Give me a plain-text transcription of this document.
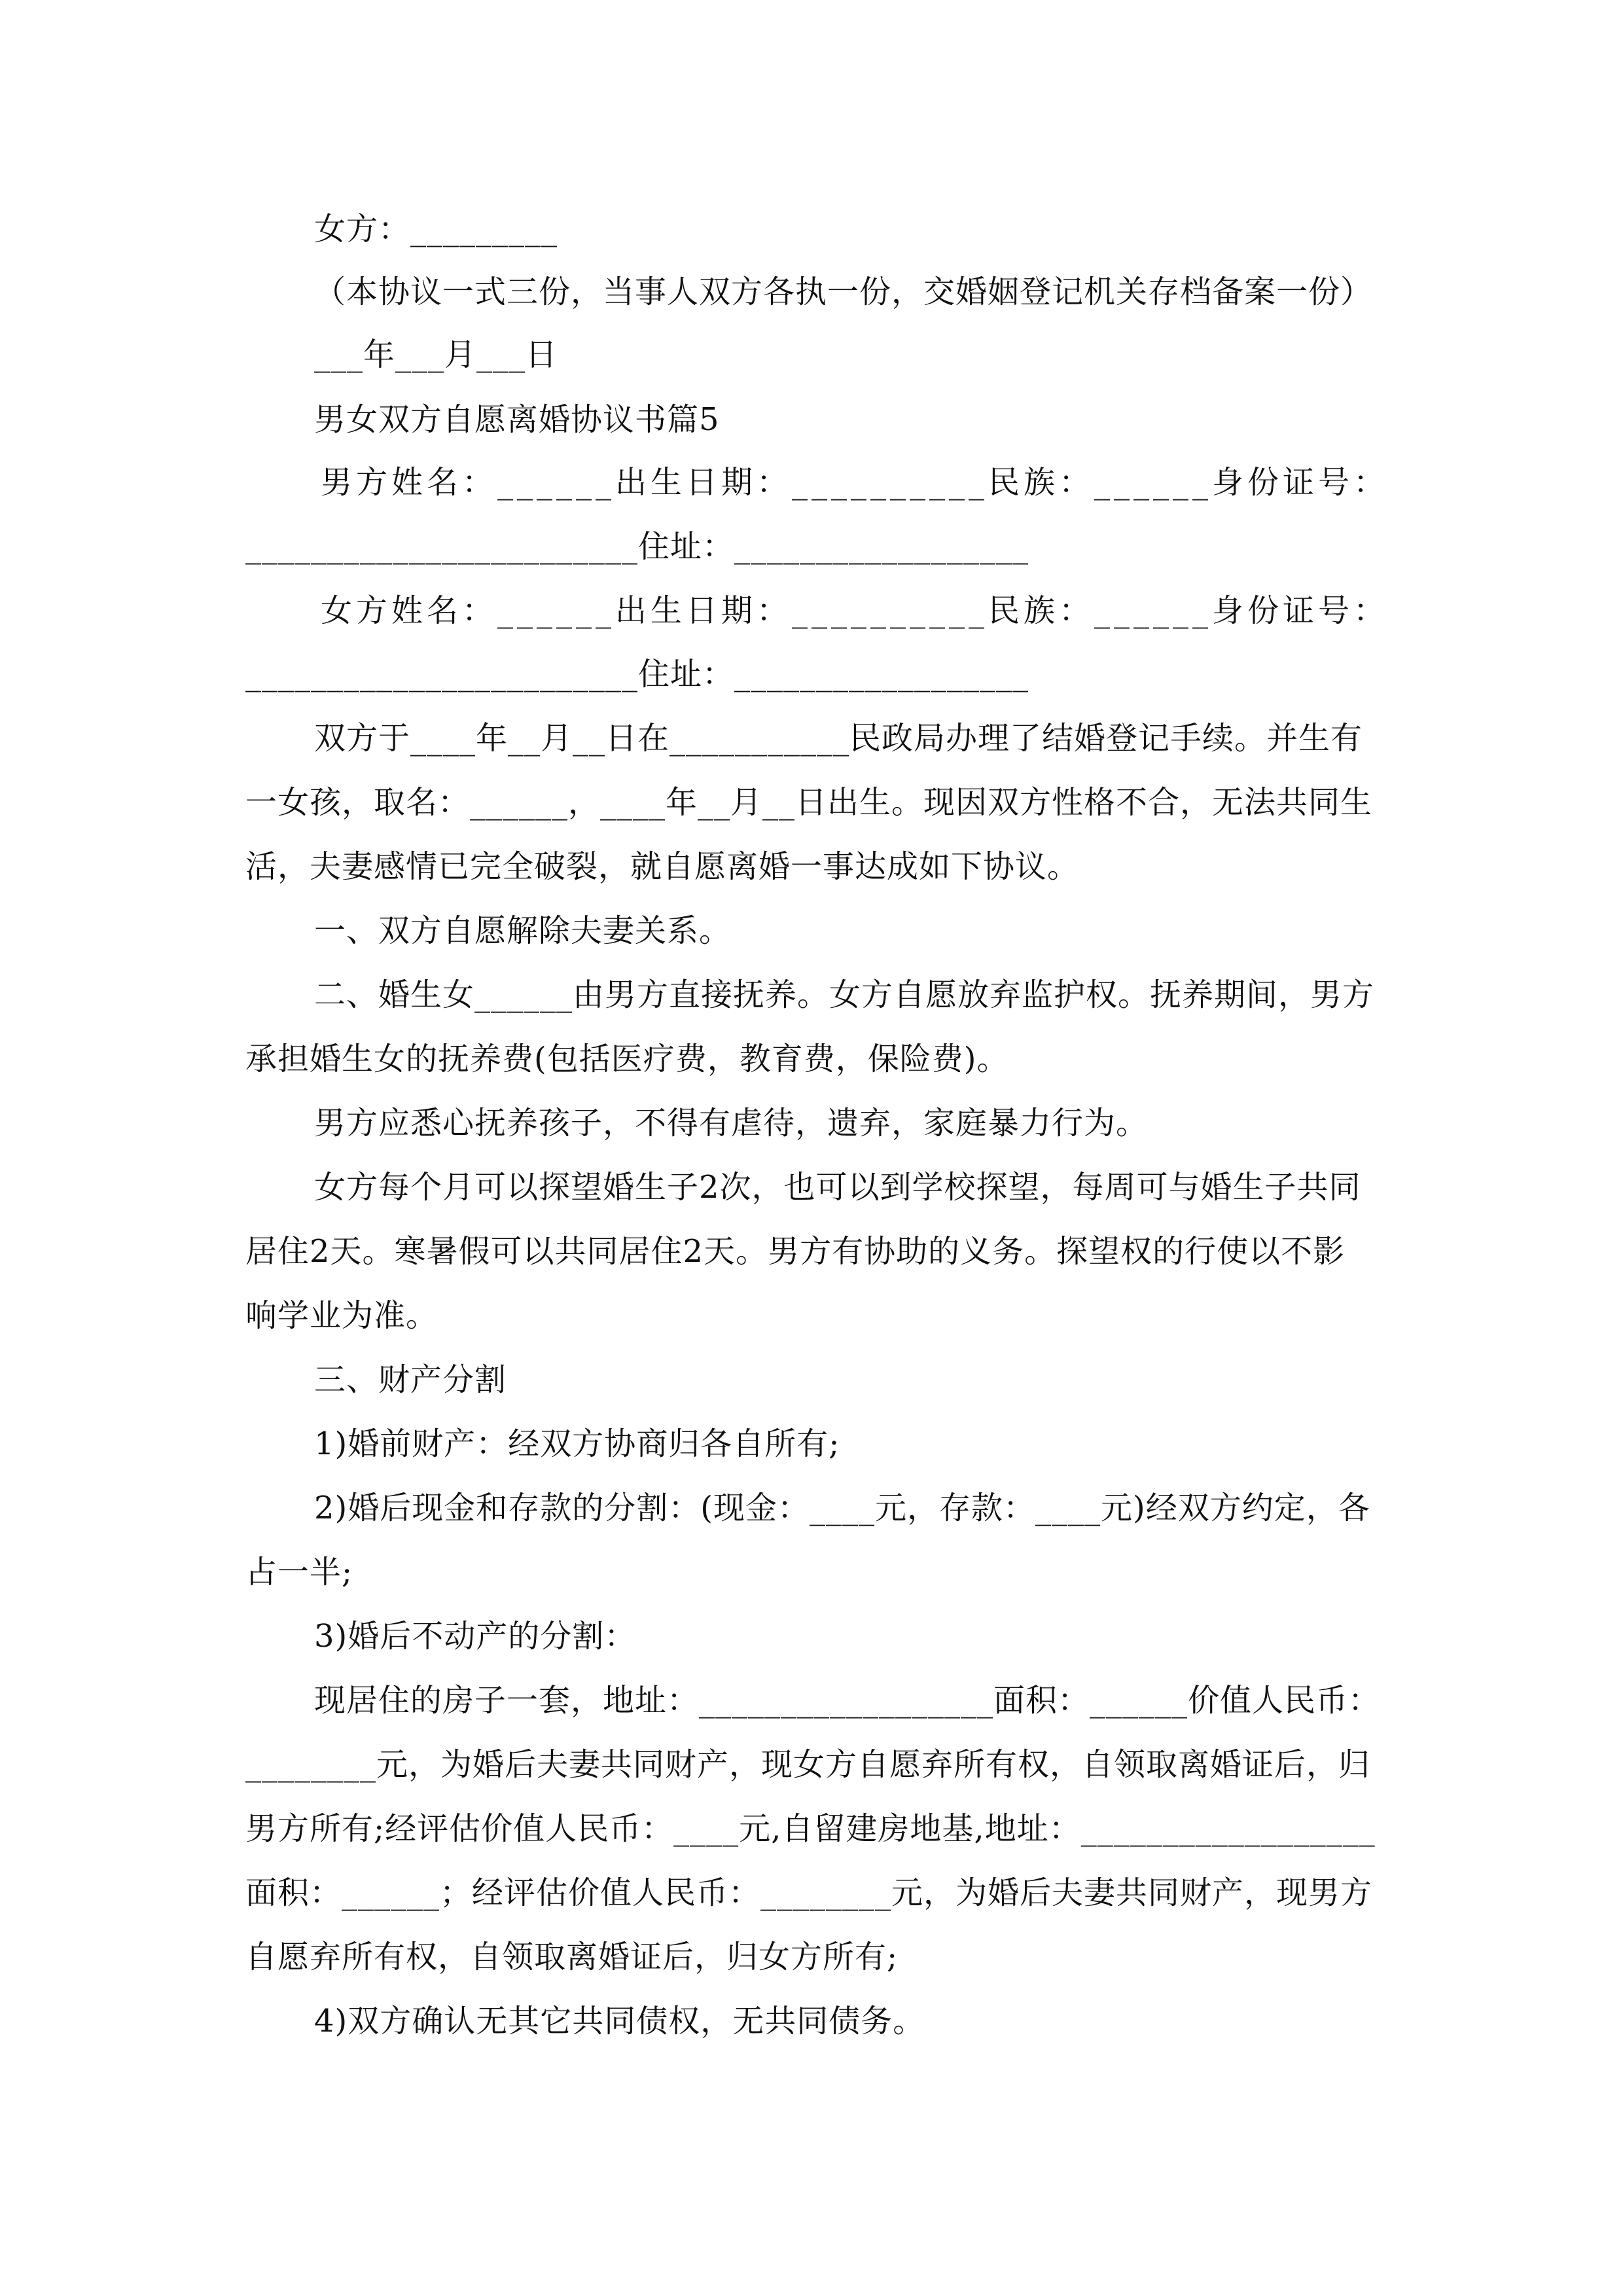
女方：_________
（本协议一式三份，当事人双方各执一份，交婚姻登记机关存档备案一份）
___年___月___日
男女双方自愿离婚协议书篇5
男方姓名：______出生日期：__________民族：______身份证号：
________________________住址：__________________
女方姓名：______出生日期：__________民族：______身份证号：
________________________住址：__________________
双方于____年__月__日在___________民政局办理了结婚登记手续。并生有
一女孩，取名：______，____年__月__日出生。现因双方性格不合，无法共同生
活，夫妻感情已完全破裂，就自愿离婚一事达成如下协议。
一、双方自愿解除夫妻关系。
二、婚生女______由男方直接抚养。女方自愿放弃监护权。抚养期间，男方
承担婚生女的抚养费(包括医疗费，教育费，保险费)。
男方应悉心抚养孩子，不得有虐待，遗弃，家庭暴力行为。
女方每个月可以探望婚生子2次，也可以到学校探望，每周可与婚生子共同
居住2天。寒暑假可以共同居住2天。男方有协助的义务。探望权的行使以不影
响学业为准。
三、财产分割
1)婚前财产：经双方协商归各自所有;
2)婚后现金和存款的分割：(现金：____元，存款：____元)经双方约定，各
占一半;
3)婚后不动产的分割：
现居住的房子一套，地址：__________________面积：______价值人民币：
________元，为婚后夫妻共同财产，现女方自愿弃所有权，自领取离婚证后，归
男方所有;经评估价值人民币：____元,自留建房地基,地址：__________________
面积：______；经评估价值人民币：________元，为婚后夫妻共同财产，现男方
自愿弃所有权，自领取离婚证后，归女方所有;
4)双方确认无其它共同债权，无共同债务。
